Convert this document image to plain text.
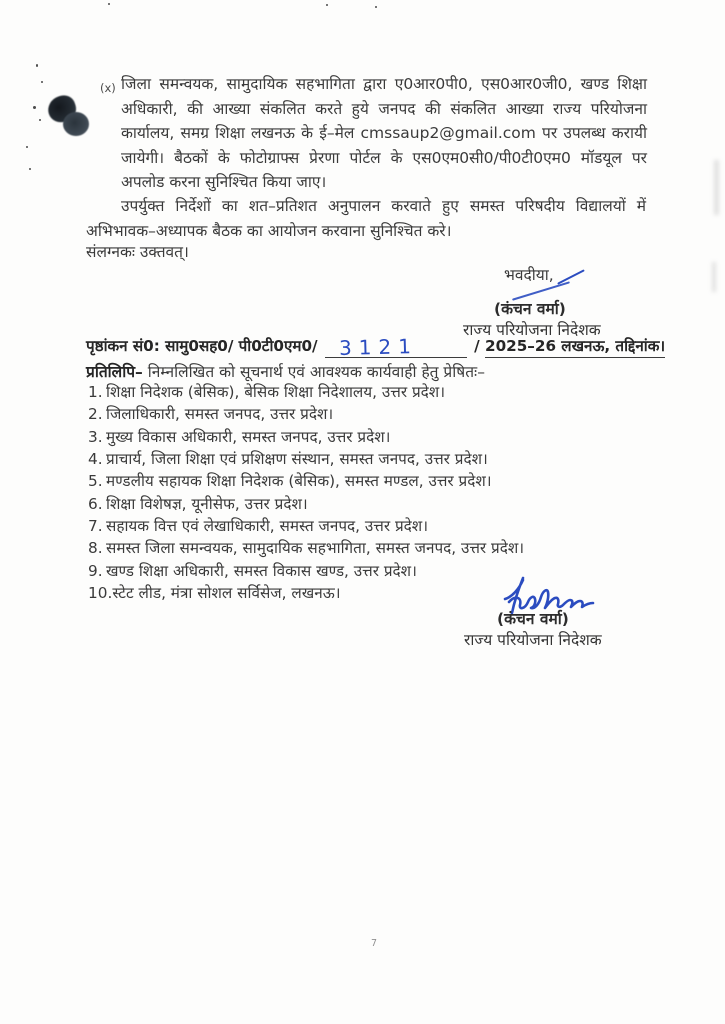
(x) जिला समन्वयक, सामुदायिक सहभागिता द्वारा ए0आर0पी0, एस0आर0जी0, खण्ड शिक्षा अधिकारी, की आख्या संकलित करते हुये जनपद की संकलित आख्या राज्य परियोजना कार्यालय, समग्र शिक्षा लखनऊ के ई–मेल cmssaup2@gmail.com पर उपलब्ध करायी जायेगी। बैठकों के फोटोग्राफ्स प्रेरणा पोर्टल के एस0एम0सी0/पी0टी0एम0 मॉडयूल पर अपलोड करना सुनिश्चित किया जाए।
उपर्युक्त निर्देशों का शत–प्रतिशत अनुपालन करवाते हुए समस्त परिषदीय विद्यालयों में अभिभावक–अध्यापक बैठक का आयोजन करवाना सुनिश्चित करे।
संलग्नकः उक्तवत्।
भवदीया,
(कंचन वर्मा)
राज्य परियोजना निदेशक
पृष्ठांकन सं0: सामु0सह0/ पी0टी0एम0/ 3121	/ 2025–26 लखनऊ, तद्दिनांक।
प्रतिलिपि– निम्नलिखित को सूचनार्थ एवं आवश्यक कार्यवाही हेतु प्रेषितः–
1. शिक्षा निदेशक (बेसिक), बेसिक शिक्षा निदेशालय, उत्तर प्रदेश।
2. जिलाधिकारी, समस्त जनपद, उत्तर प्रदेश।
3. मुख्य विकास अधिकारी, समस्त जनपद, उत्तर प्रदेश।
4. प्राचार्य, जिला शिक्षा एवं प्रशिक्षण संस्थान, समस्त जनपद, उत्तर प्रदेश।
5. मण्डलीय सहायक शिक्षा निदेशक (बेसिक), समस्त मण्डल, उत्तर प्रदेश।
6. शिक्षा विशेषज्ञ, यूनीसेफ, उत्तर प्रदेश।
7. सहायक वित्त एवं लेखाधिकारी, समस्त जनपद, उत्तर प्रदेश।
8. समस्त जिला समन्वयक, सामुदायिक सहभागिता, समस्त जनपद, उत्तर प्रदेश।
9. खण्ड शिक्षा अधिकारी, समस्त विकास खण्ड, उत्तर प्रदेश।
10.स्टेट लीड, मंत्रा सोशल सर्विसेज, लखनऊ।
(कंचन वर्मा)
राज्य परियोजना निदेशक
7
